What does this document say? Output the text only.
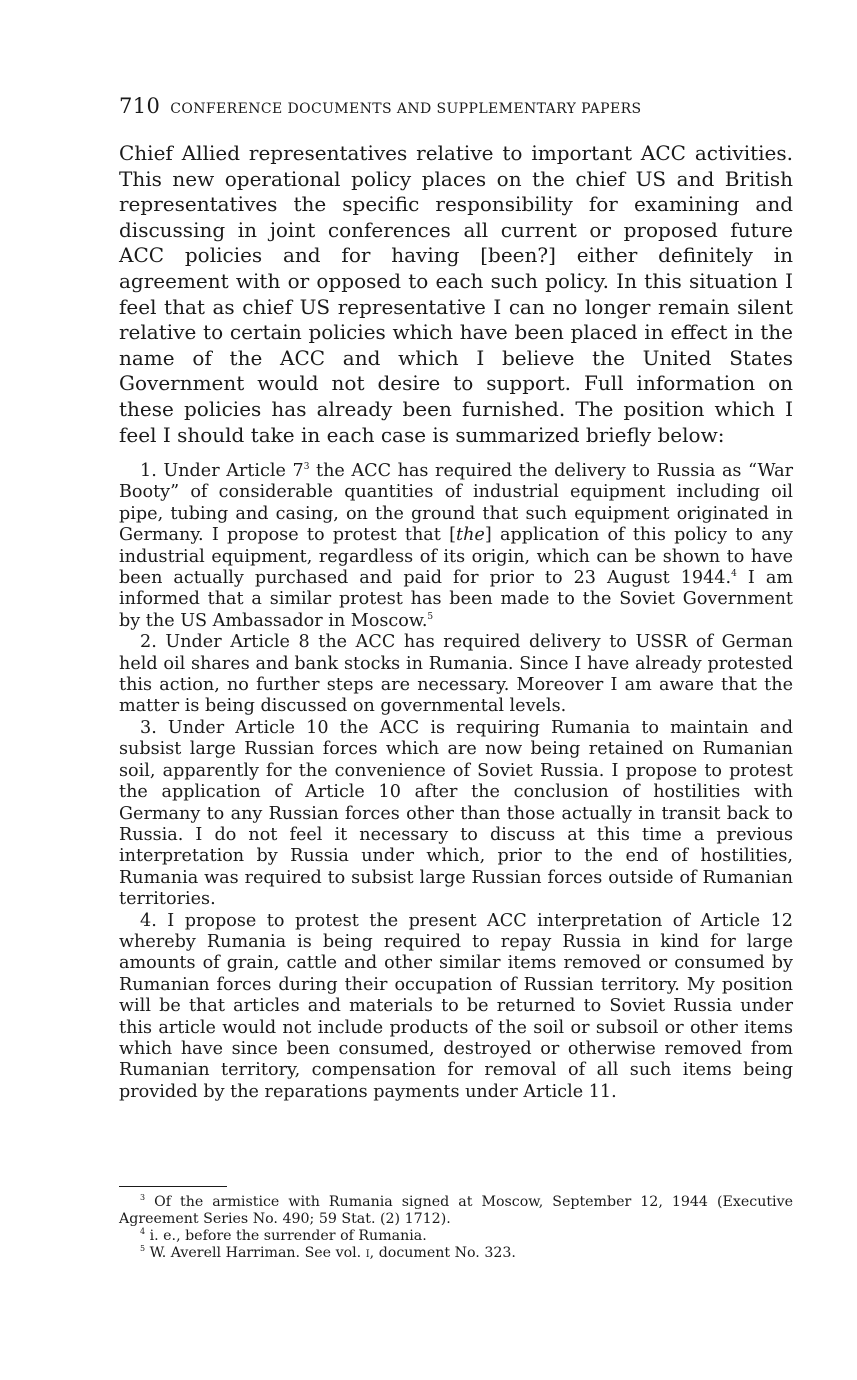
710 CONFERENCE DOCUMENTS AND SUPPLEMENTARY PAPERS

Chief Allied representatives relative to important ACC activities. This new operational policy places on the chief US and British representatives the specific responsibility for examining and discussing in joint conferences all current or proposed future ACC policies and for having [been?] either definitely in agreement with or opposed to each such policy. In this situation I feel that as chief US representative I can no longer remain silent relative to certain policies which have been placed in effect in the name of the ACC and which I believe the United States Government would not desire to support. Full information on these policies has already been furnished. The position which I feel I should take in each case is summarized briefly below:

1. Under Article $7^3$ the ACC has required the delivery to Russia as “War Booty” of considerable quantities of industrial equipment including oil pipe, tubing and casing, on the ground that such equipment originated in Germany. I propose to protest that [the] application of this policy to any industrial equipment, regardless of its origin, which can be shown to have been actually purchased and paid for prior to 23 August 1944.$^4$ I am informed that a similar protest has been made to the Soviet Government by the US Ambassador in Moscow.$^5$

2. Under Article 8 the ACC has required delivery to USSR of German held oil shares and bank stocks in Rumania. Since I have already protested this action, no further steps are necessary. Moreover I am aware that the matter is being discussed on governmental levels.

3. Under Article 10 the ACC is requiring Rumania to maintain and subsist large Russian forces which are now being retained on Rumanian soil, apparently for the convenience of Soviet Russia. I propose to protest the application of Article 10 after the conclusion of hostilities with Germany to any Russian forces other than those actually in transit back to Russia. I do not feel it necessary to discuss at this time a previous interpretation by Russia under which, prior to the end of hostilities, Rumania was required to subsist large Russian forces outside of Rumanian territories.

4. I propose to protest the present ACC interpretation of Article 12 whereby Rumania is being required to repay Russia in kind for large amounts of grain, cattle and other similar items removed or consumed by Rumanian forces during their occupation of Russian territory. My position will be that articles and materials to be returned to Soviet Russia under this article would not include products of the soil or subsoil or other items which have since been consumed, destroyed or otherwise removed from Rumanian territory, compensation for removal of all such items being provided by the reparations payments under Article 11.

$^3$ Of the armistice with Rumania signed at Moscow, September 12, 1944 (Executive Agreement Series No. 490; 59 Stat. (2) 1712).

$^4$ i. e., before the surrender of Rumania.

$^5$ W. Averell Harriman. See vol. i, document No. 323.
